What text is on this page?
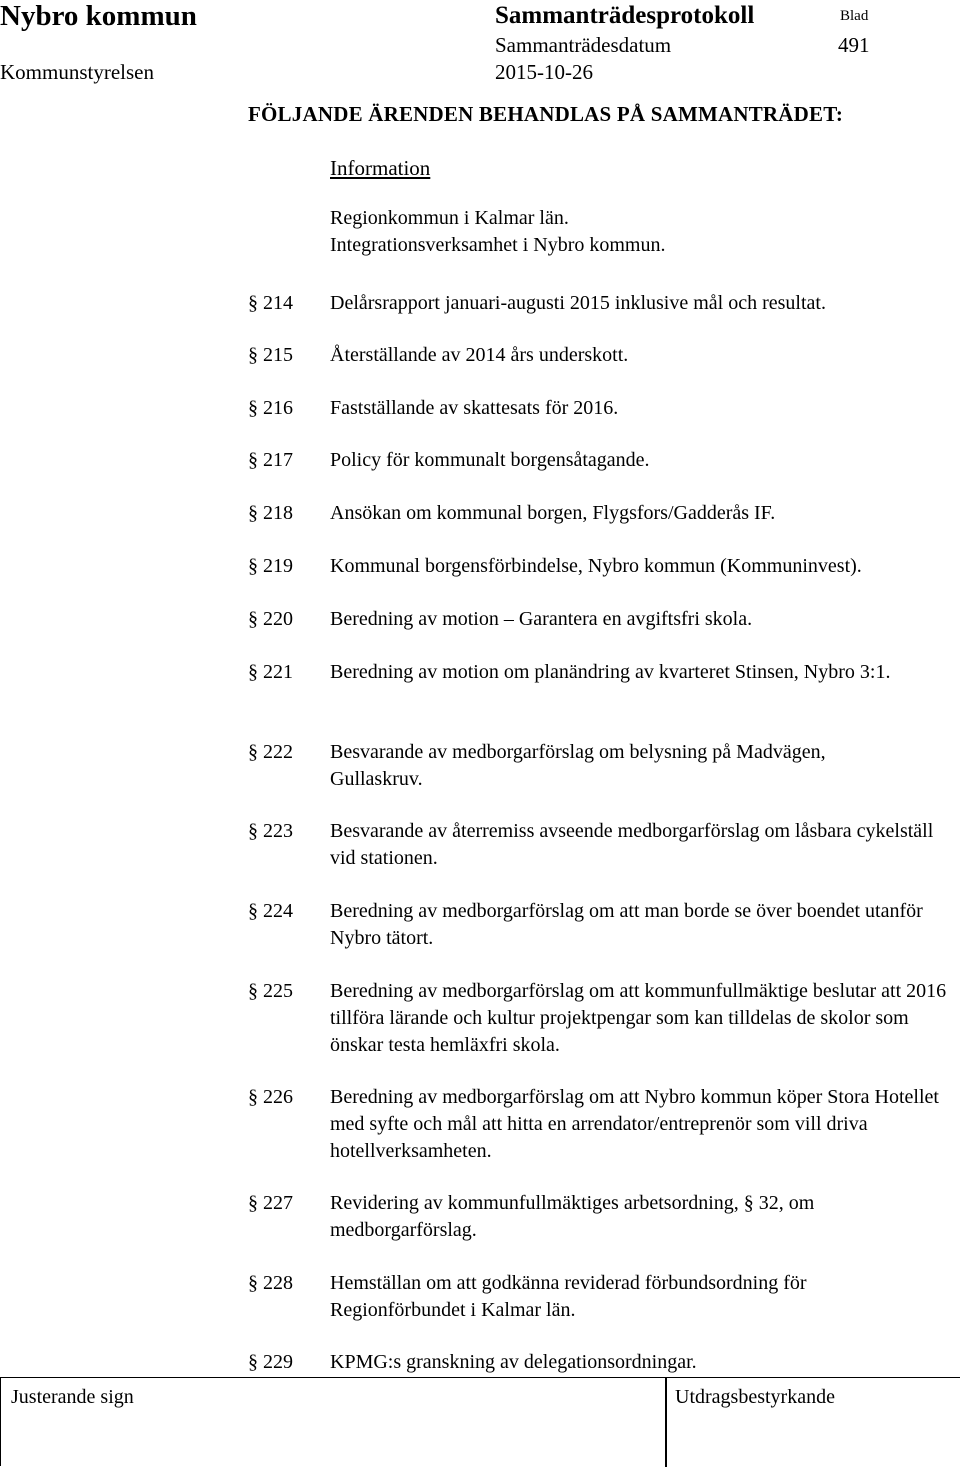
Nybro kommun
Kommunstyrelsen
Sammanträdesprotokoll
Sammanträdesdatum
2015-10-26
Blad
491
FÖLJANDE ÄRENDEN BEHANDLAS PÅ SAMMANTRÄDET:
Information
Regionkommun i Kalmar län.
Integrationsverksamhet i Nybro kommun.
§ 214 Delårsrapport januari-augusti 2015 inklusive mål och resultat.
§ 215 Återställande av 2014 års underskott.
§ 216 Fastställande av skattesats för 2016.
§ 217 Policy för kommunalt borgensåtagande.
§ 218 Ansökan om kommunal borgen, Flygsfors/Gadderås IF.
§ 219 Kommunal borgensförbindelse, Nybro kommun (Kommuninvest).
§ 220 Beredning av motion – Garantera en avgiftsfri skola.
§ 221 Beredning av motion om planändring av kvarteret Stinsen, Nybro 3:1.
§ 222 Besvarande av medborgarförslag om belysning på Madvägen, Gullaskruv.
§ 223 Besvarande av återremiss avseende medborgarförslag om låsbara cykelställ vid stationen.
§ 224 Beredning av medborgarförslag om att man borde se över boendet utanför Nybro tätort.
§ 225 Beredning av medborgarförslag om att kommunfullmäktige beslutar att 2016 tillföra lärande och kultur projektpengar som kan tilldelas de skolor som önskar testa hemläxfri skola.
§ 226 Beredning av medborgarförslag om att Nybro kommun köper Stora Hotellet med syfte och mål att hitta en arrendator/entreprenör som vill driva hotellverksamheten.
§ 227 Revidering av kommunfullmäktiges arbetsordning, § 32, om medborgarförslag.
§ 228 Hemställan om att godkänna reviderad förbundsordning för Regionförbundet i Kalmar län.
§ 229 KPMG:s granskning av delegationsordningar.
Justerande sign	Utdragsbestyrkande
